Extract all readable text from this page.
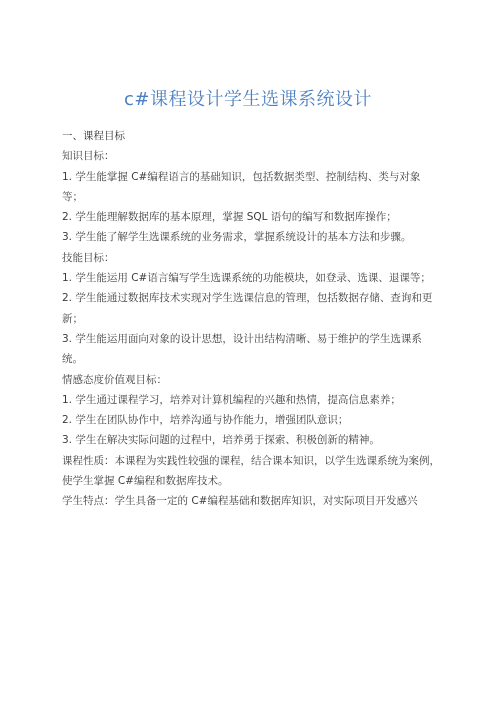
c#课程设计学生选课系统设计

一、课程目标

知识目标：

1. 学生能掌握 C#编程语言的基础知识，包括数据类型、控制结构、类与对象等；

2. 学生能理解数据库的基本原理，掌握 SQL 语句的编写和数据库操作；

3. 学生能了解学生选课系统的业务需求，掌握系统设计的基本方法和步骤。

技能目标：

1. 学生能运用 C#语言编写学生选课系统的功能模块，如登录、选课、退课等；

2. 学生能通过数据库技术实现对学生选课信息的管理，包括数据存储、查询和更新；

3. 学生能运用面向对象的设计思想，设计出结构清晰、易于维护的学生选课系统。

情感态度价值观目标：

1. 学生通过课程学习，培养对计算机编程的兴趣和热情，提高信息素养；

2. 学生在团队协作中，培养沟通与协作能力，增强团队意识；

3. 学生在解决实际问题的过程中，培养勇于探索、积极创新的精神。

课程性质：本课程为实践性较强的课程，结合课本知识，以学生选课系统为案例，使学生掌握 C#编程和数据库技术。

学生特点：学生具备一定的 C#编程基础和数据库知识，对实际项目开发感兴
